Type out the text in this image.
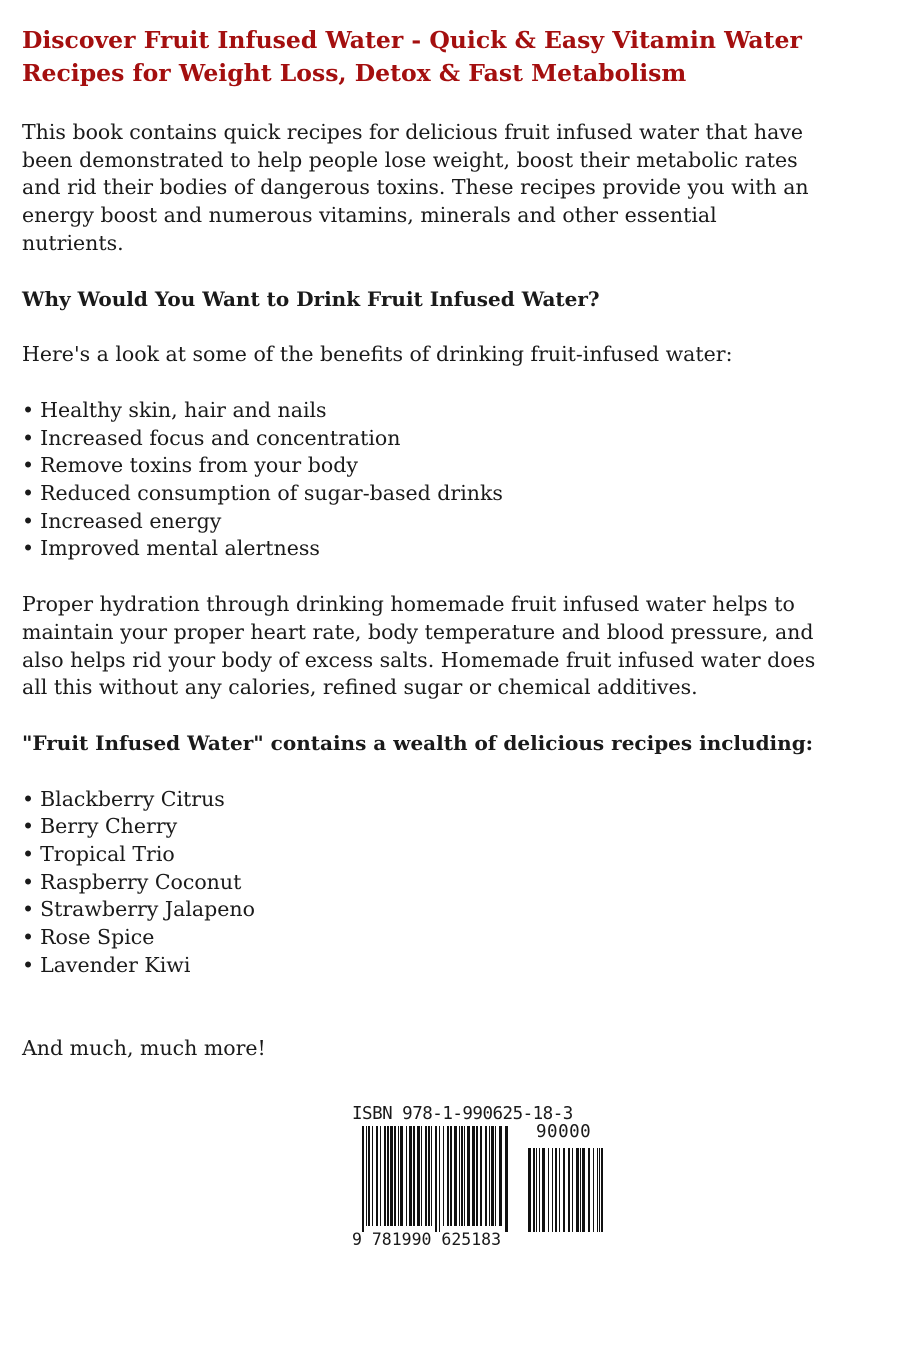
Discover Fruit Infused Water - Quick & Easy Vitamin Water
Recipes for Weight Loss, Detox & Fast Metabolism
This book contains quick recipes for delicious fruit infused water that have
been demonstrated to help people lose weight, boost their metabolic rates
and rid their bodies of dangerous toxins. These recipes provide you with an
energy boost and numerous vitamins, minerals and other essential
nutrients.
Why Would You Want to Drink Fruit Infused Water?

Here's a look at some of the benefits of drinking fruit-infused water:

• Healthy skin, hair and nails
• Increased focus and concentration
• Remove toxins from your body
• Reduced consumption of sugar-based drinks
• Increased energy
• Improved mental alertness
Proper hydration through drinking homemade fruit infused water helps to
maintain your proper heart rate, body temperature and blood pressure, and
also helps rid your body of excess salts. Homemade fruit infused water does
all this without any calories, refined sugar or chemical additives.
"Fruit Infused Water" contains a wealth of delicious recipes including:
• Blackberry Citrus
• Berry Cherry
• Tropical Trio
• Raspberry Coconut
• Strawberry Jalapeno
• Rose Spice
• Lavender Kiwi

And much, much more!

ISBN 978-1-990625-18-3
90000
9 781990 625183
